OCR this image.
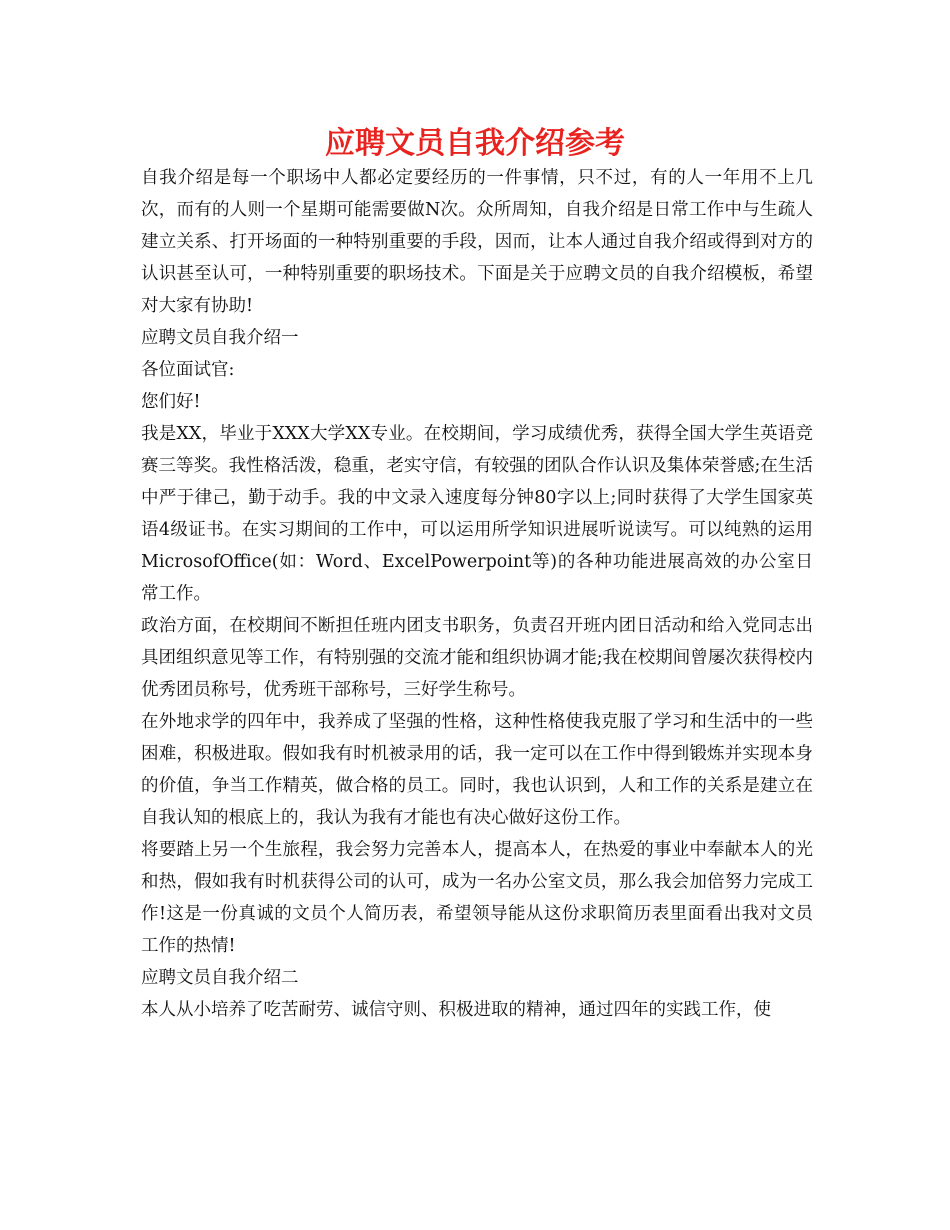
应聘文员自我介绍参考

自我介绍是每一个职场中人都必定要经历的一件事情，只不过，有的人一年用不上几次，而有的人则一个星期可能需要做N次。众所周知，自我介绍是日常工作中与生疏人建立关系、打开场面的一种特别重要的手段，因而，让本人通过自我介绍或得到对方的认识甚至认可，一种特别重要的职场技术。下面是关于应聘文员的自我介绍模板，希望对大家有协助!

应聘文员自我介绍一

各位面试官:

您们好!

我是XX，毕业于XXX大学XX专业。在校期间，学习成绩优秀，获得全国大学生英语竞赛三等奖。我性格活泼，稳重，老实守信，有较强的团队合作认识及集体荣誉感;在生活中严于律己，勤于动手。我的中文录入速度每分钟80字以上;同时获得了大学生国家英语4级证书。在实习期间的工作中，可以运用所学知识进展听说读写。可以纯熟的运用MicrosofOffice(如：Word、ExcelPowerpoint等)的各种功能进展高效的办公室日常工作。

政治方面，在校期间不断担任班内团支书职务，负责召开班内团日活动和给入党同志出具团组织意见等工作，有特别强的交流才能和组织协调才能;我在校期间曾屡次获得校内优秀团员称号，优秀班干部称号，三好学生称号。

在外地求学的四年中，我养成了坚强的性格，这种性格使我克服了学习和生活中的一些困难，积极进取。假如我有时机被录用的话，我一定可以在工作中得到锻炼并实现本身的价值，争当工作精英，做合格的员工。同时，我也认识到，人和工作的关系是建立在自我认知的根底上的，我认为我有才能也有决心做好这份工作。

将要踏上另一个生旅程，我会努力完善本人，提高本人，在热爱的事业中奉献本人的光和热，假如我有时机获得公司的认可，成为一名办公室文员，那么我会加倍努力完成工作!这是一份真诚的文员个人简历表，希望领导能从这份求职简历表里面看出我对文员工作的热情!

应聘文员自我介绍二

本人从小培养了吃苦耐劳、诚信守则、积极进取的精神，通过四年的实践工作，使
